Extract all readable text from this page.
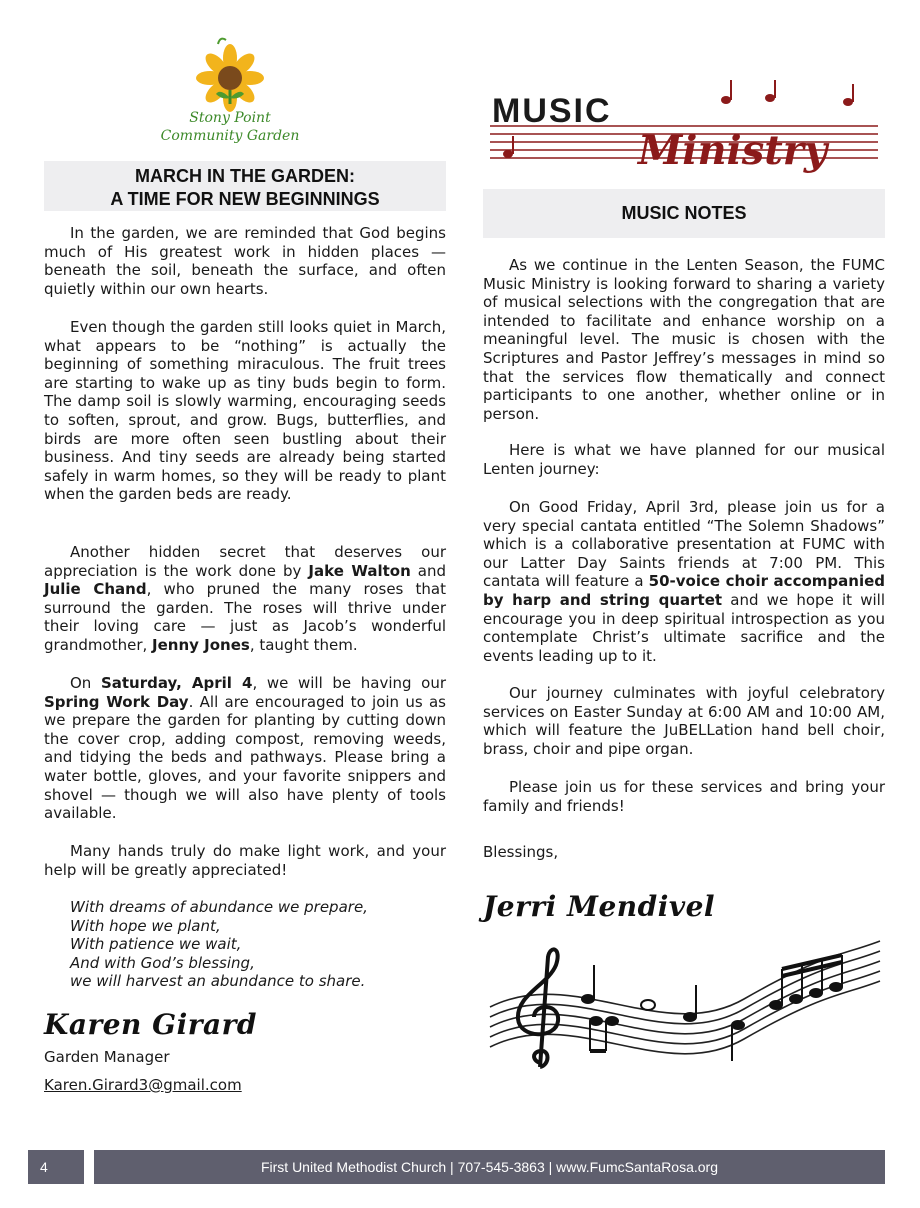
Stony Point
Community Garden
MUSIC
Ministry
MARCH IN THE GARDEN:
A TIME FOR NEW BEGINNINGS

In the garden, we are reminded that God begins much of His greatest work in hidden places — beneath the soil, beneath the surface, and often quietly within our own hearts.

Even though the garden still looks quiet in March, what appears to be “nothing” is actually the beginning of something miraculous. The fruit trees are starting to wake up as tiny buds begin to form. The damp soil is slowly warming, encouraging seeds to soften, sprout, and grow. Bugs, butterflies, and birds are more often seen bustling about their business. And tiny seeds are already being started safely in warm homes, so they will be ready to plant when the garden beds are ready.

Another hidden secret that deserves our appreciation is the work done by Jake Walton and Julie Chand, who pruned the many roses that surround the garden. The roses will thrive under their loving care — just as Jacob’s wonderful grandmother, Jenny Jones, taught them.

On Saturday, April 4, we will be having our Spring Work Day. All are encouraged to join us as we prepare the garden for planting by cutting down the cover crop, adding compost, removing weeds, and tidying the beds and pathways. Please bring a water bottle, gloves, and your favorite snippers and shovel — though we will also have plenty of tools available.

Many hands truly do make light work, and your help will be greatly appreciated!

With dreams of abundance we prepare,
With hope we plant,
With patience we wait,
And with God’s blessing,
we will harvest an abundance to share.
Karen Girard
Garden Manager
Karen.Girard3@gmail.com
MUSIC NOTES

As we continue in the Lenten Season, the FUMC Music Ministry is looking forward to sharing a variety of musical selections with the congregation that are intended to facilitate and enhance worship on a meaningful level. The music is chosen with the Scriptures and Pastor Jeffrey’s messages in mind so that the services flow thematically and connect participants to one another, whether online or in person.

Here is what we have planned for our musical Lenten journey:

On Good Friday, April 3rd, please join us for a very special cantata entitled “The Solemn Shadows” which is a collaborative presentation at FUMC with our Latter Day Saints friends at 7:00 PM. This cantata will feature a 50-voice choir accompanied by harp and string quartet and we hope it will encourage you in deep spiritual introspection as you contemplate Christ’s ultimate sacrifice and the events leading up to it.

Our journey culminates with joyful celebratory services on Easter Sunday at 6:00 AM and 10:00 AM, which will feature the JuBELLation hand bell choir, brass, choir and pipe organ.

Please join us for these services and bring your family and friends!

Blessings,
Jerri Mendivel
4	First United Methodist Church | 707-545-3863 | www.FumcSantaRosa.org
